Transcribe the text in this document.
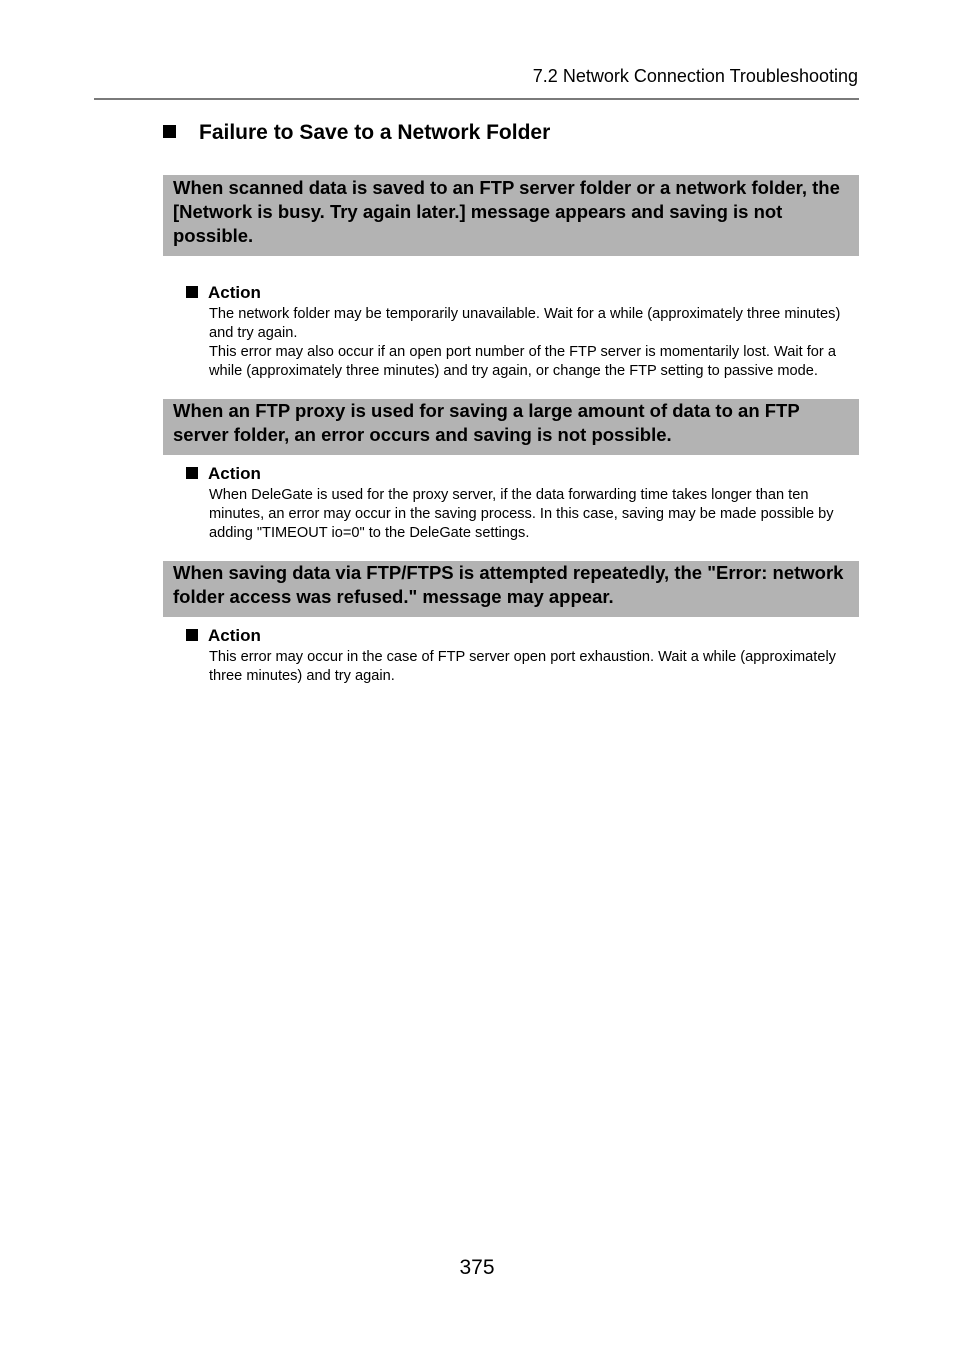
7.2 Network Connection Troubleshooting
Failure to Save to a Network Folder
When scanned data is saved to an FTP server folder or a network folder, the [Network is busy. Try again later.] message appears and saving is not possible.
Action

The network folder may be temporarily unavailable. Wait for a while (approximately three minutes) and try again.

This error may also occur if an open port number of the FTP server is momentarily lost. Wait for a while (approximately three minutes) and try again, or change the FTP setting to passive mode.

When an FTP proxy is used for saving a large amount of data to an FTP server folder, an error occurs and saving is not possible.
Action

When DeleGate is used for the proxy server, if the data forwarding time takes longer than ten minutes, an error may occur in the saving process. In this case, saving may be made possible by adding "TIMEOUT io=0" to the DeleGate settings.

When saving data via FTP/FTPS is attempted repeatedly, the "Error: network folder access was refused." message may appear.
Action

This error may occur in the case of FTP server open port exhaustion. Wait a while (approximately three minutes) and try again.

375
